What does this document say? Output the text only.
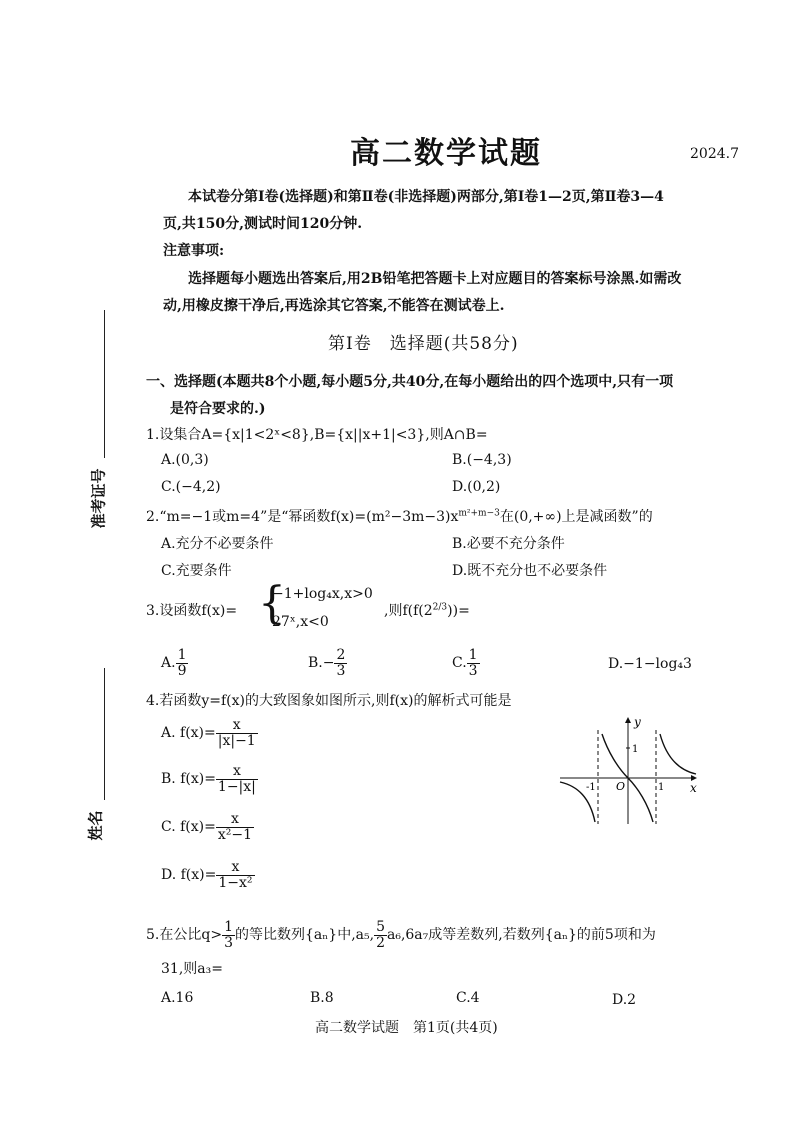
高二数学试题	2024.7
本试卷分第Ⅰ卷(选择题)和第Ⅱ卷(非选择题)两部分,第Ⅰ卷1—2页,第Ⅱ卷3—4
页,共150分,测试时间120分钟.
注意事项:
选择题每小题选出答案后,用2B铅笔把答题卡上对应题目的答案标号涂黑.如需改
动,用橡皮擦干净后,再选涂其它答案,不能答在测试卷上.
第Ⅰ卷　选择题(共58分)
一、选择题(本题共8个小题,每小题5分,共40分,在每小题给出的四个选项中,只有一项
是符合要求的.)
准考证号
姓名
1.设集合A={x|1<2ˣ<8},B={x||x+1|<3},则A∩B=
A.(0,3)	B.(−4,3)
C.(−4,2)	D.(0,2)
2.“m=−1或m=4”是“幂函数$f(x)=(m^2-3m-3)x^{m^2+m-3}$在(0,+∞)上是减函数”的
A.充分不必要条件	B.必要不充分条件
C.充要条件	D.既不充分也不必要条件
3.设函数f(x)= {
−1+log₄x,x>0
27ˣ,x<0
,则$f(f(2^{2/3}))=$
A. $\frac{1}{9}$	$B.- \frac{2}{3}$	C. $\frac{1}{3}$	D.−1−log₄3
4.若函数y=f(x)的大致图象如图所示,则f(x)的解析式可能是
A. $f(x)= \frac{x}{|x|-1}$
B. $f(x)= \frac{x}{1-|x|}$
C. $f(x)= \frac{x}{\text{x²−1}}$
D. $f(x)= \frac{x}{\text{1−x²}}$
y
x
O
-1	1
1
5.在公比$q> \frac{1}{3}$ 的等比数列{aₙ}中,a₅, $\frac{5}{2} a_6,6a_7$成等差数列,若数列{aₙ}的前5项和为
31,则a₃=
A.16	B.8	C.4	D.2
高二数学试题　第1页(共4页)
